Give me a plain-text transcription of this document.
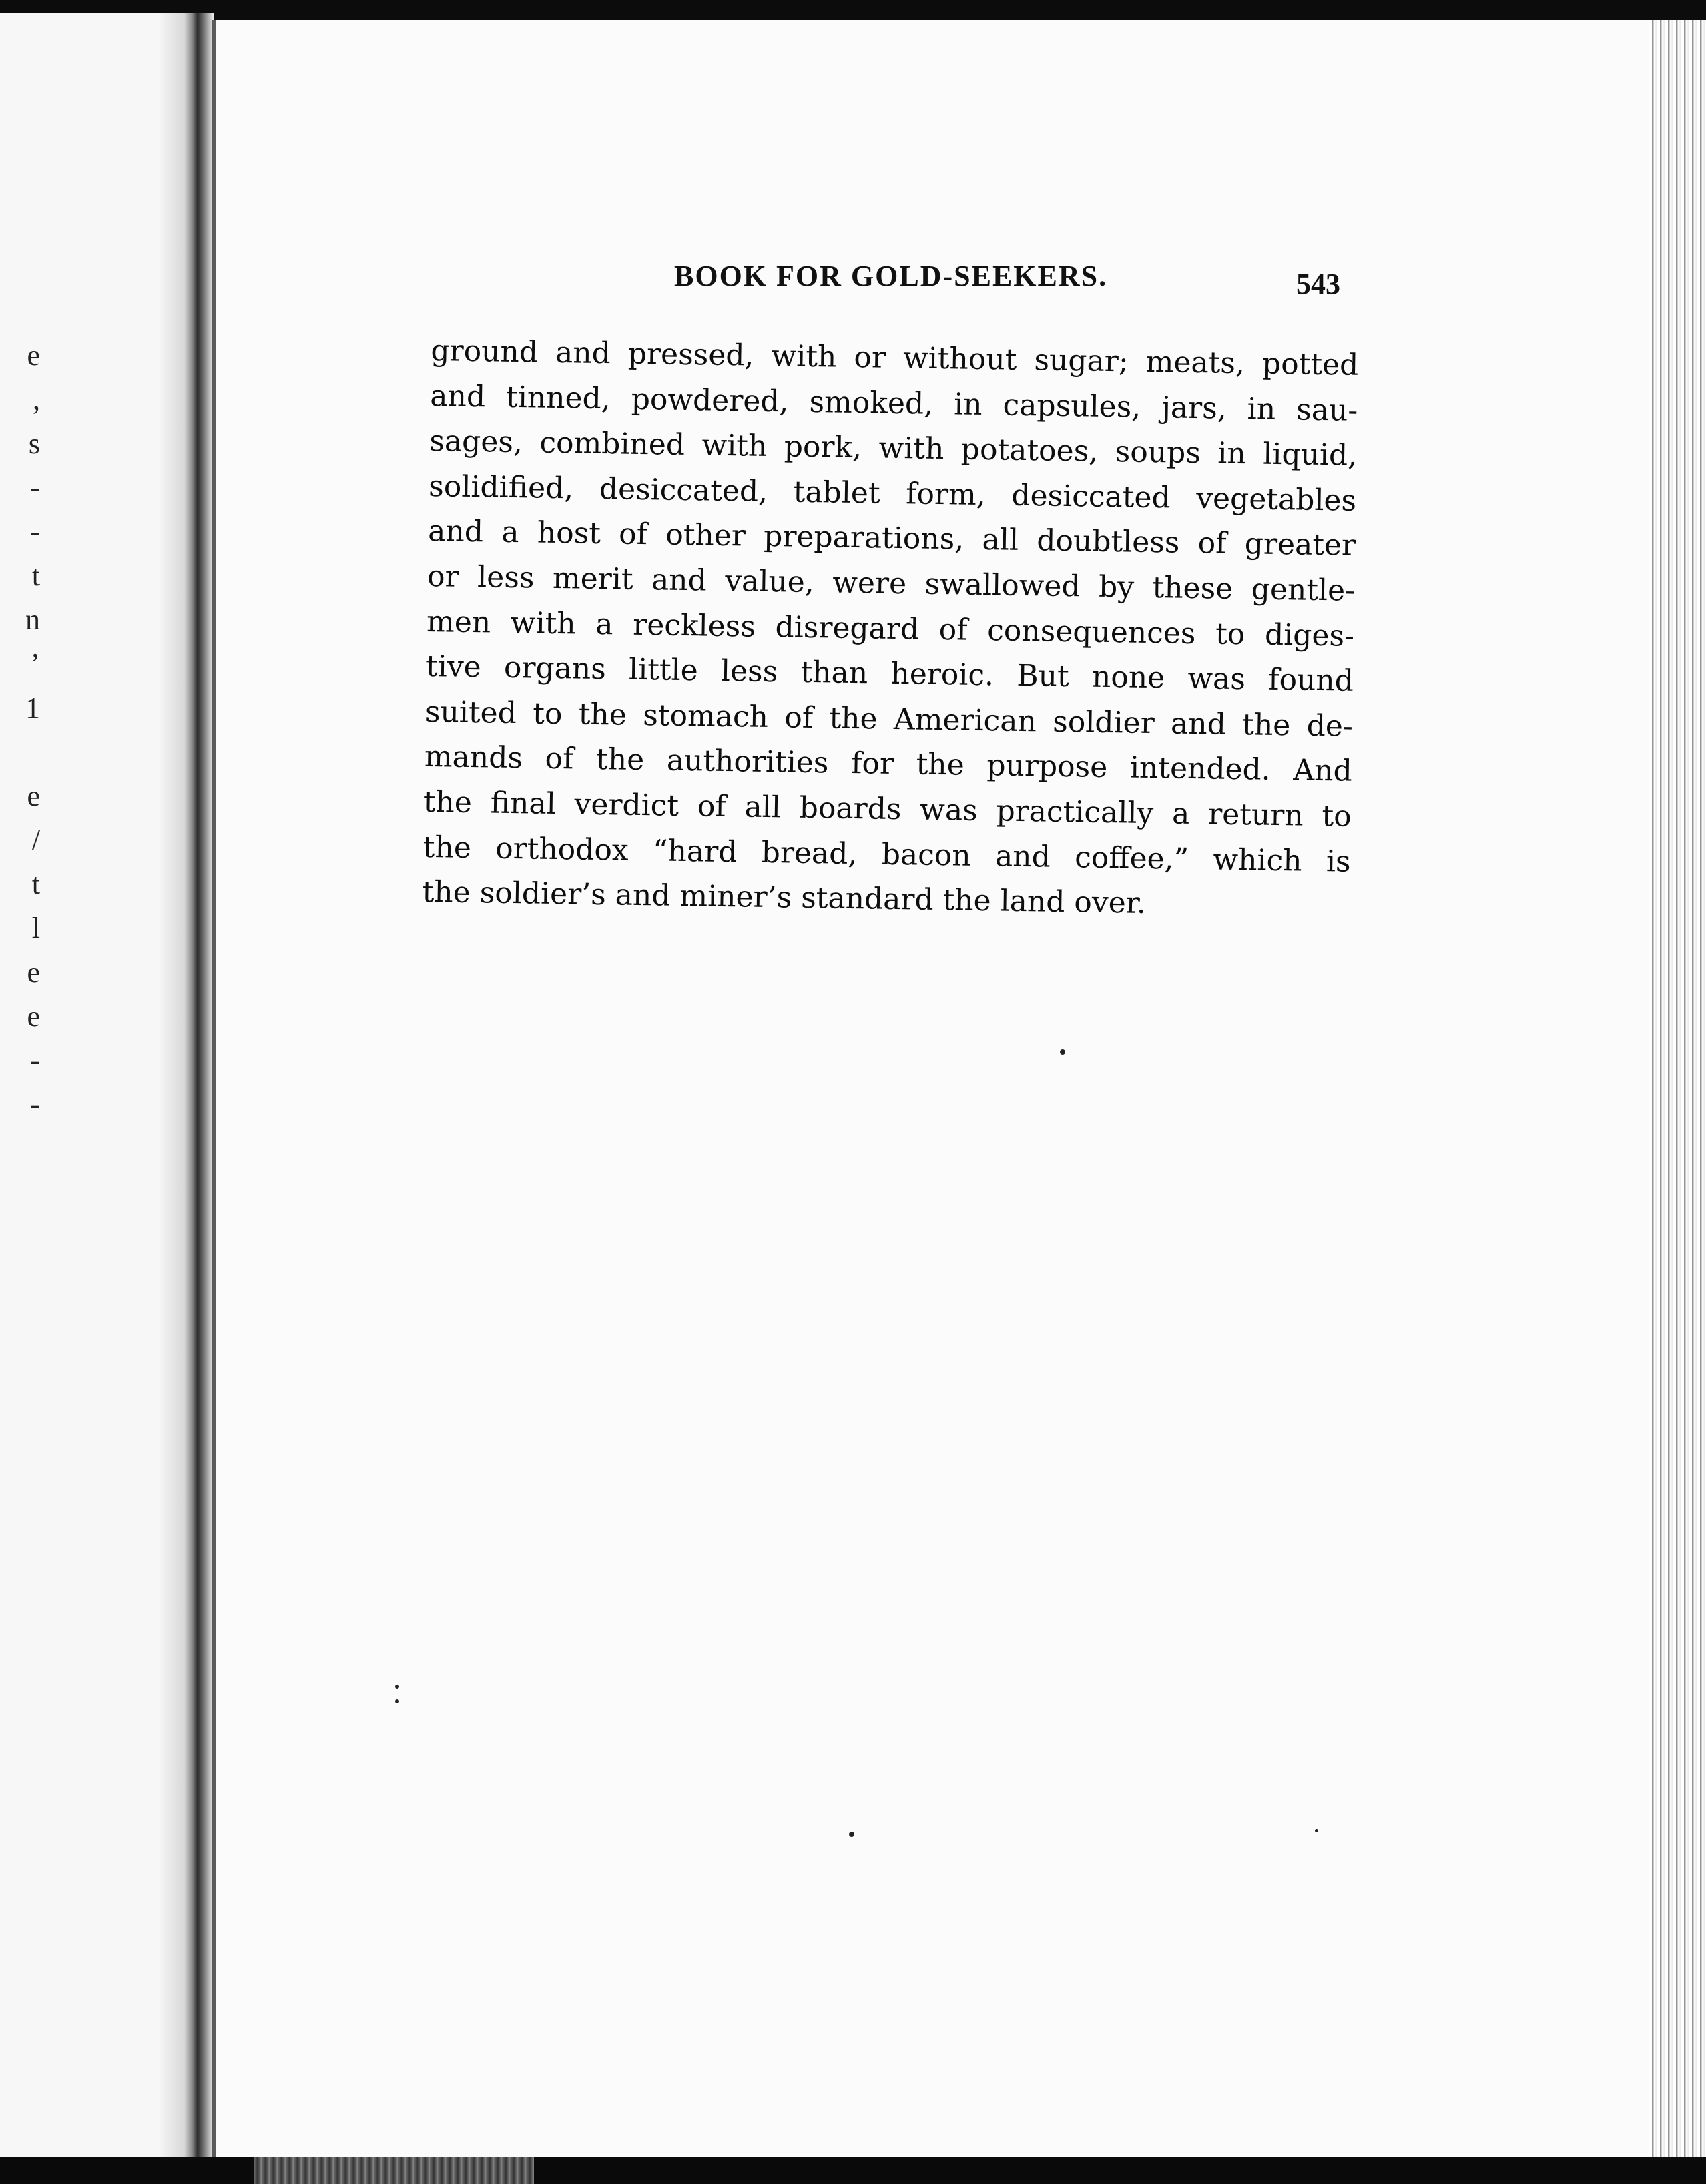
e
,
s
-
-
t
n
’
1

e
/
t
l
e
e
-
-
BOOK FOR GOLD-SEEKERS.	543
ground and pressed, with or without sugar; meats, potted
and tinned, powdered, smoked, in capsules, jars, in sau-
sages, combined with pork, with potatoes, soups in liquid,
solidified, desiccated, tablet form, desiccated vegetables
and a host of other preparations, all doubtless of greater
or less merit and value, were swallowed by these gentle-
men with a reckless disregard of consequences to diges-
tive organs little less than heroic. But none was found
suited to the stomach of the American soldier and the de-
mands of the authorities for the purpose intended. And
the final verdict of all boards was practically a return to
the orthodox “hard bread, bacon and coffee,” which is
the soldier’s and miner’s standard the land over.
